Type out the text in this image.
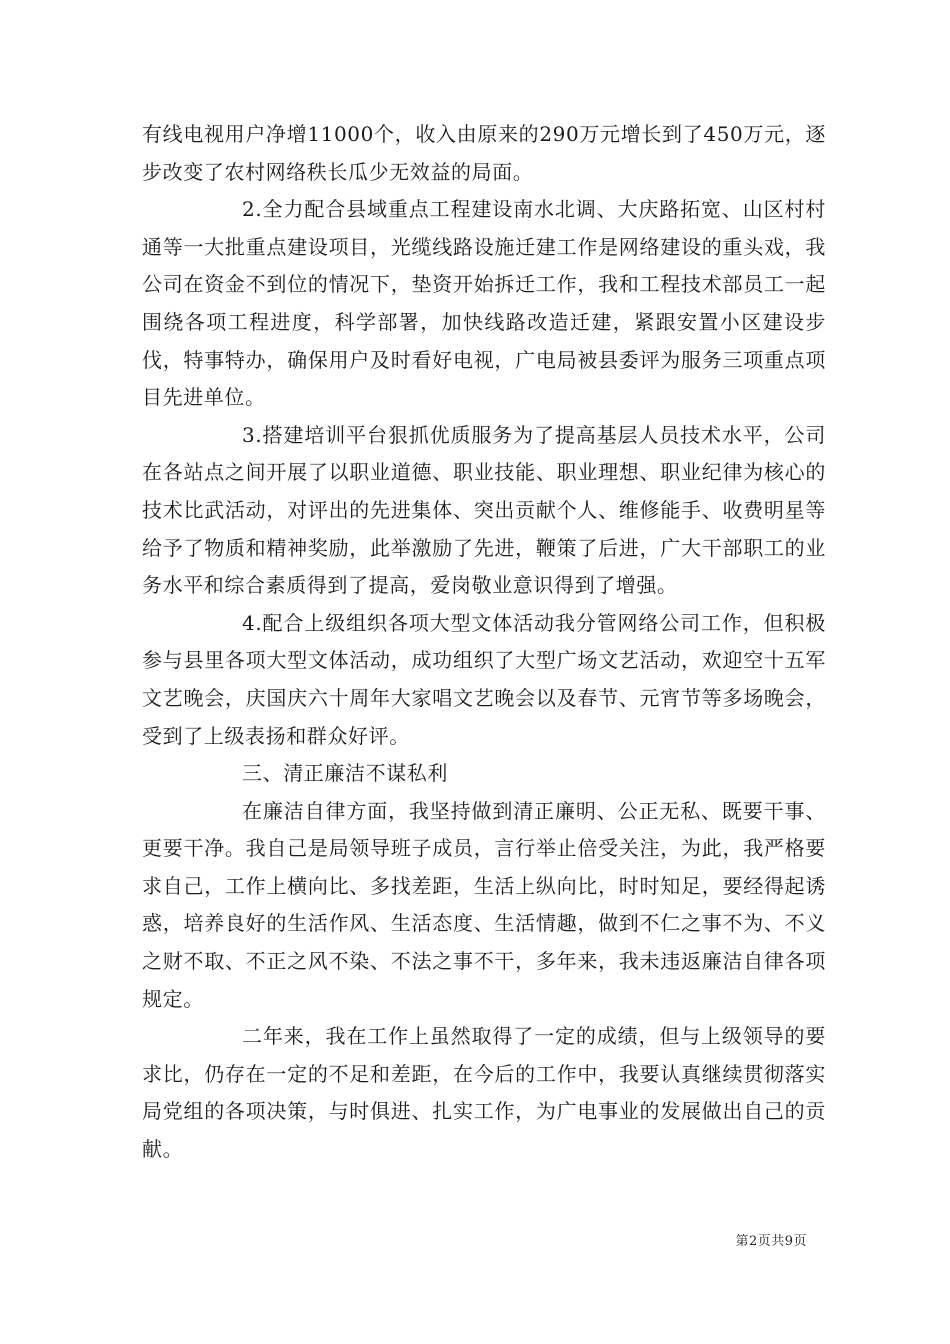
有线电视用户净增11000个，收入由原来的290万元增长到了450万元，逐步改变了农村网络秩长瓜少无效益的局面。

2.全力配合县域重点工程建设南水北调、大庆路拓宽、山区村村通等一大批重点建设项目，光缆线路设施迁建工作是网络建设的重头戏，我公司在资金不到位的情况下，垫资开始拆迁工作，我和工程技术部员工一起围绕各项工程进度，科学部署，加快线路改造迁建，紧跟安置小区建设步伐，特事特办，确保用户及时看好电视，广电局被县委评为服务三项重点项目先进单位。

3.搭建培训平台狠抓优质服务为了提高基层人员技术水平，公司在各站点之间开展了以职业道德、职业技能、职业理想、职业纪律为核心的技术比武活动，对评出的先进集体、突出贡献个人、维修能手、收费明星等给予了物质和精神奖励，此举激励了先进，鞭策了后进，广大干部职工的业务水平和综合素质得到了提高，爱岗敬业意识得到了增强。

4.配合上级组织各项大型文体活动我分管网络公司工作，但积极参与县里各项大型文体活动，成功组织了大型广场文艺活动，欢迎空十五军文艺晚会，庆国庆六十周年大家唱文艺晚会以及春节、元宵节等多场晚会，受到了上级表扬和群众好评。

三、清正廉洁不谋私利

在廉洁自律方面，我坚持做到清正廉明、公正无私、既要干事、更要干净。我自己是局领导班子成员，言行举止倍受关注，为此，我严格要求自己，工作上横向比、多找差距，生活上纵向比，时时知足，要经得起诱惑，培养良好的生活作风、生活态度、生活情趣，做到不仁之事不为、不义之财不取、不正之风不染、不法之事不干，多年来，我未违返廉洁自律各项规定。

二年来，我在工作上虽然取得了一定的成绩，但与上级领导的要求比，仍存在一定的不足和差距，在今后的工作中，我要认真继续贯彻落实局党组的各项决策，与时俱进、扎实工作，为广电事业的发展做出自己的贡献。

第2页共9页
